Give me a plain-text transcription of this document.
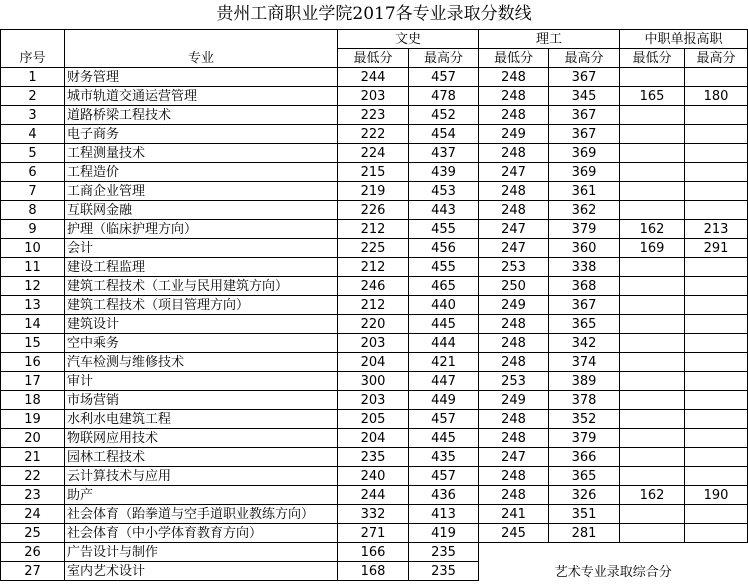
贵州工商职业学院2017各专业录取分数线							
序号	专业	文史		理工		中职单报高职	
		最低分	最高分	最低分	最高分	最低分	最高分
1	财务管理	244	457	248	367		
2	城市轨道交通运营管理	203	478	248	345	165	180
3	道路桥梁工程技术	223	452	248	367		
4	电子商务	222	454	249	367		
5	工程测量技术	224	437	248	369		
6	工程造价	215	439	247	369		
7	工商企业管理	219	453	248	361		
8	互联网金融	226	443	248	362		
9	护理（临床护理方向）	212	455	247	379	162	213
10	会计	225	456	247	360	169	291
11	建设工程监理	212	455	253	338		
12	建筑工程技术（工业与民用建筑方向）	246	465	250	368		
13	建筑工程技术（项目管理方向）	212	440	249	367		
14	建筑设计	220	445	248	365		
15	空中乘务	203	444	248	342		
16	汽车检测与维修技术	204	421	248	374		
17	审计	300	447	253	389		
18	市场营销	203	449	249	378		
19	水利水电建筑工程	205	457	248	352		
20	物联网应用技术	204	445	248	379		
21	园林工程技术	235	435	247	366		
22	云计算技术与应用	240	457	248	365		
23	助产	244	436	248	326	162	190
24	社会体育（跆拳道与空手道职业教练方向）	332	413	241	351		
25	社会体育（中小学体育教育方向）	271	419	245	281		
26	广告设计与制作	166	235	艺术专业录取综合分			
27	室内艺术设计	168	235				
